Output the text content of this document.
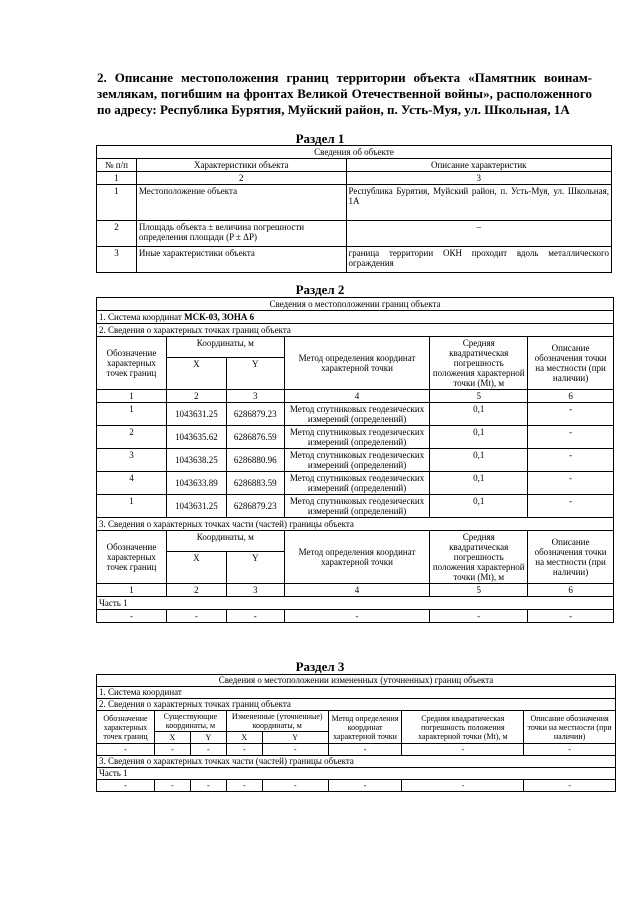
2. Описание местоположения границ территории объекта «Памятник воинам-землякам, погибшим на фронтах Великой Отечественной войны», расположенного по адресу: Республика Бурятия, Муйский район, п. Усть-Муя, ул. Школьная, 1А
Раздел 1
Сведения об объекте		
№ п/п	Характеристики объекта	Описание характеристик
1	2	3
1	Местоположение объекта	Республика Бурятия, Муйский район, п. Усть-Муя, ул. Школьная, 1А
2	Площадь объекта ± величина погрешности определения площади (P ± ΔP)	–
3	Иные характеристики объекта	граница территории ОКН проходит вдоль металлического ограждения
Раздел 2
Сведения о местоположении границ объекта					
1. Система координат МСК-03, ЗОНА 6					
2. Сведения о характерных точках границ объекта					
Обозначение характерных точек границ	Координаты, м		Метод определения координат характерной точки	Средняя квадратическая погрешность положения характерной точки (Mt), м	Описание обозначения точки на местности (при наличии)
	X	Y			
1	2	3	4	5	6
1	1043631.25	6286879.23	Метод спутниковых геодезических измерений (определений)	0,1	-
2	1043635.62	6286876.59	Метод спутниковых геодезических измерений (определений)	0,1	-
3	1043638.25	6286880.96	Метод спутниковых геодезических измерений (определений)	0,1	-
4	1043633.89	6286883.59	Метод спутниковых геодезических измерений (определений)	0,1	-
1	1043631.25	6286879.23	Метод спутниковых геодезических измерений (определений)	0,1	-
3. Сведения о характерных точках части (частей) границы объекта					
Обозначение характерных точек границ	Координаты, м		Метод определения координат характерной точки	Средняя квадратическая погрешность положения характерной точки (Mt), м	Описание обозначения точки на местности (при наличии)
	X	Y			
1	2	3	4	5	6
Часть 1					
-	-	-	-	-	-
Раздел 3
Сведения о местоположении измененных (уточненных) границ объекта							
1. Система координат							
2. Сведения о характерных точках границ объекта							
Обозначение характерных точек границ	Существующие координаты, м		Измененные (уточненные) координаты, м		Метод определения координат характерной точки	Средняя квадратическая погрешность положения характерной точки (Mt), м	Описание обозначения точки на местности (при наличии)
	X	Y	X	Y			
-	-	-	-	-	-	-	-
3. Сведения о характерных точках части (частей) границы объекта							
Часть 1							
-	-	-	-	-	-	-	-
